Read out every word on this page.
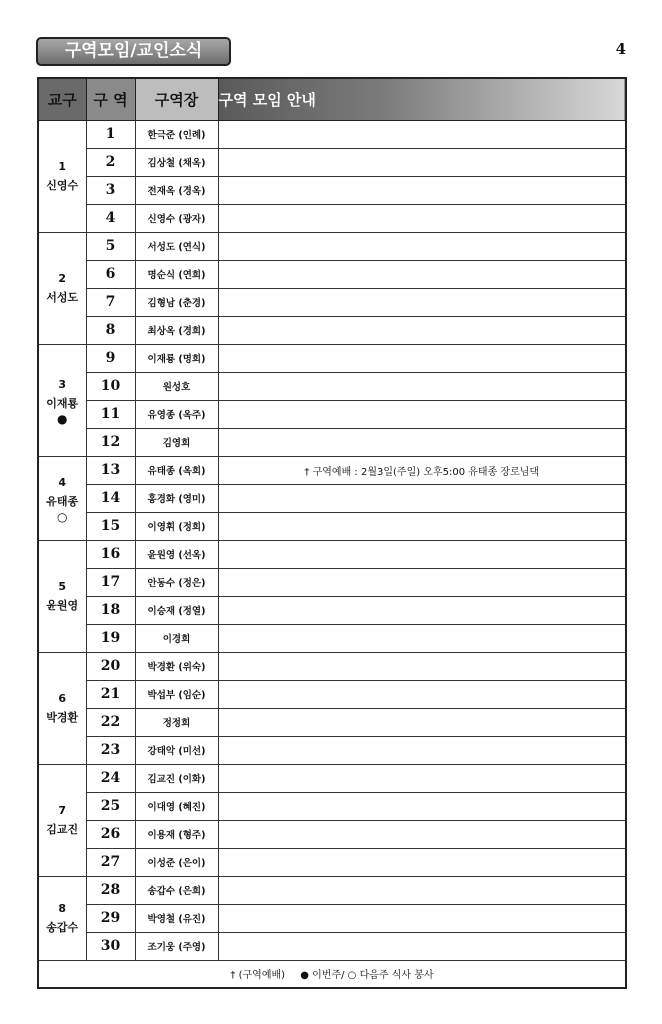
구역모임/교인소식	4
교구	구 역	구역장	구역 모임 안내

1
신영수	1	한극준 (인례)	
	2	김상철 (채옥)	
	3	전재옥 (경옥)	
	4	신영수 (광자)	

2
서성도	5	서성도 (연식)	
	6	명순식 (연희)	
	7	김형남 (춘경)	
	8	최상옥 (경희)	

3
이재룡
●	9	이재룡 (명희)	
	10	원성호	
	11	유영종 (옥주)	
	12	김영희	

4
유태종
○	13	유태종 (옥희)	† 구역예배 : 2월3일(주일) 오후5:00 유태종 장로님댁
	14	홍경화 (영미)	
	15	이영휘 (정희)	

5
윤원영	16	윤원영 (선옥)	
	17	안동수 (정은)	
	18	이승재 (정열)	
	19	이경희	

6
박경환	20	박경환 (위숙)	
	21	박섭부 (임순)	
	22	정정희	
	23	강태악 (미선)	

7
김교진	24	김교진 (이화)	
	25	이대영 (혜진)	
	26	이용재 (형주)	
	27	이성준 (은이)	

8
송갑수	28	송갑수 (은희)	
	29	박영철 (유진)	
	30	조기웅 (주영)	
† (구역예배) ● 이번주/ ○ 다음주 식사 봉사			
